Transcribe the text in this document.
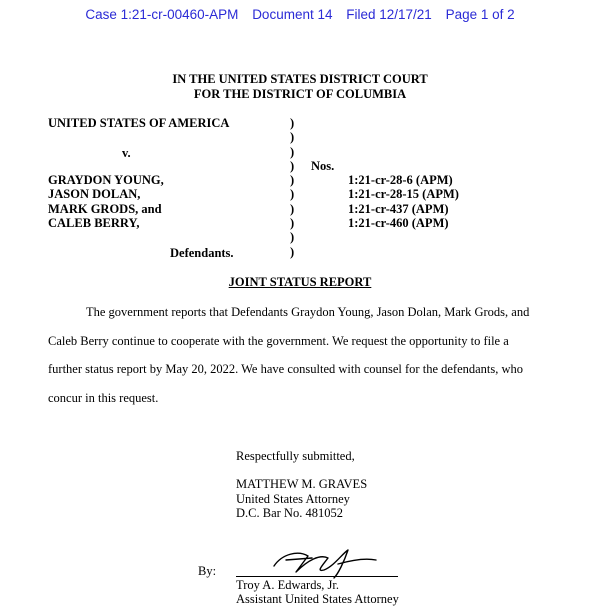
Case 1:21-cr-00460-APM Document 14 Filed 12/17/21 Page 1 of 2
IN THE UNITED STATES DISTRICT COURT
FOR THE DISTRICT OF COLUMBIA
UNITED STATES OF AMERICA
v.
GRAYDON YOUNG,
JASON DOLAN,
MARK GRODS, and
CALEB BERRY,
Defendants.
)
)
)
)
)
)
)
)
)
)
Nos.
1:21-cr-28-6 (APM)
1:21-cr-28-15 (APM)
1:21-cr-437 (APM)
1:21-cr-460 (APM)
JOINT STATUS REPORT
The government reports that Defendants Graydon Young, Jason Dolan, Mark Grods, and
Caleb Berry continue to cooperate with the government. We request the opportunity to file a
further status report by May 20, 2022. We have consulted with counsel for the defendants, who
concur in this request.
Respectfully submitted,
MATTHEW M. GRAVES
United States Attorney
D.C. Bar No. 481052
By:
Troy A. Edwards, Jr.
Assistant United States Attorney
